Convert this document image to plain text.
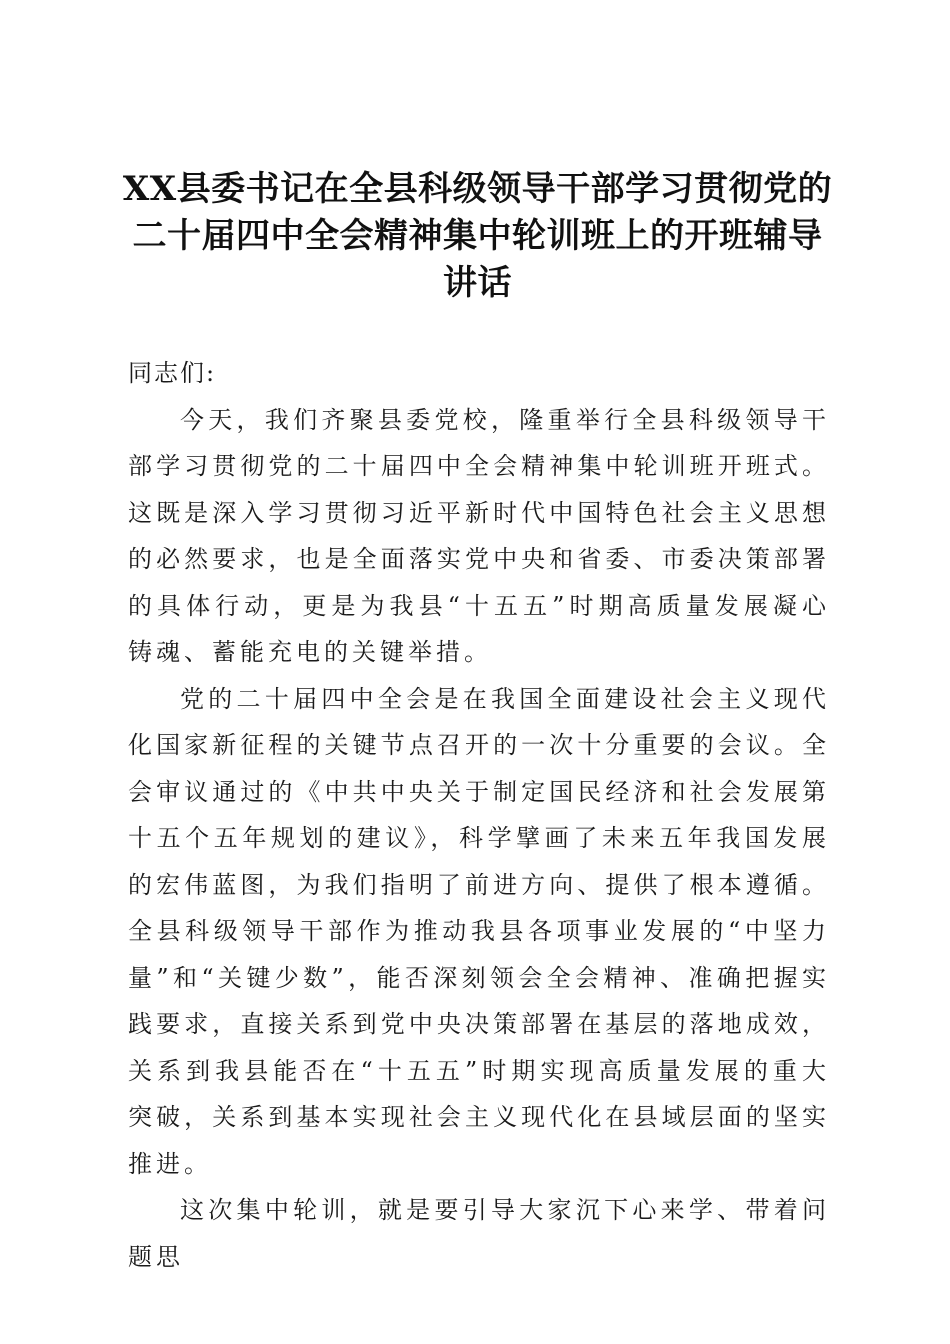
XX县委书记在全县科级领导干部学习贯彻党的二十届四中全会精神集中轮训班上的开班辅导讲话

同志们:

今天，我们齐聚县委党校，隆重举行全县科级领导干部学习贯彻党的二十届四中全会精神集中轮训班开班式。这既是深入学习贯彻习近平新时代中国特色社会主义思想的必然要求，也是全面落实党中央和省委、市委决策部署的具体行动，更是为我县“十五五”时期高质量发展凝心铸魂、蓄能充电的关键举措。

党的二十届四中全会是在我国全面建设社会主义现代化国家新征程的关键节点召开的一次十分重要的会议。全会审议通过的《中共中央关于制定国民经济和社会发展第十五个五年规划的建议》，科学擘画了未来五年我国发展的宏伟蓝图，为我们指明了前进方向、提供了根本遵循。全县科级领导干部作为推动我县各项事业发展的“中坚力量”和“关键少数”，能否深刻领会全会精神、准确把握实践要求，直接关系到党中央决策部署在基层的落地成效，关系到我县能否在“十五五”时期实现高质量发展的重大突破，关系到基本实现社会主义现代化在县域层面的坚实推进。

这次集中轮训，就是要引导大家沉下心来学、带着问题思
